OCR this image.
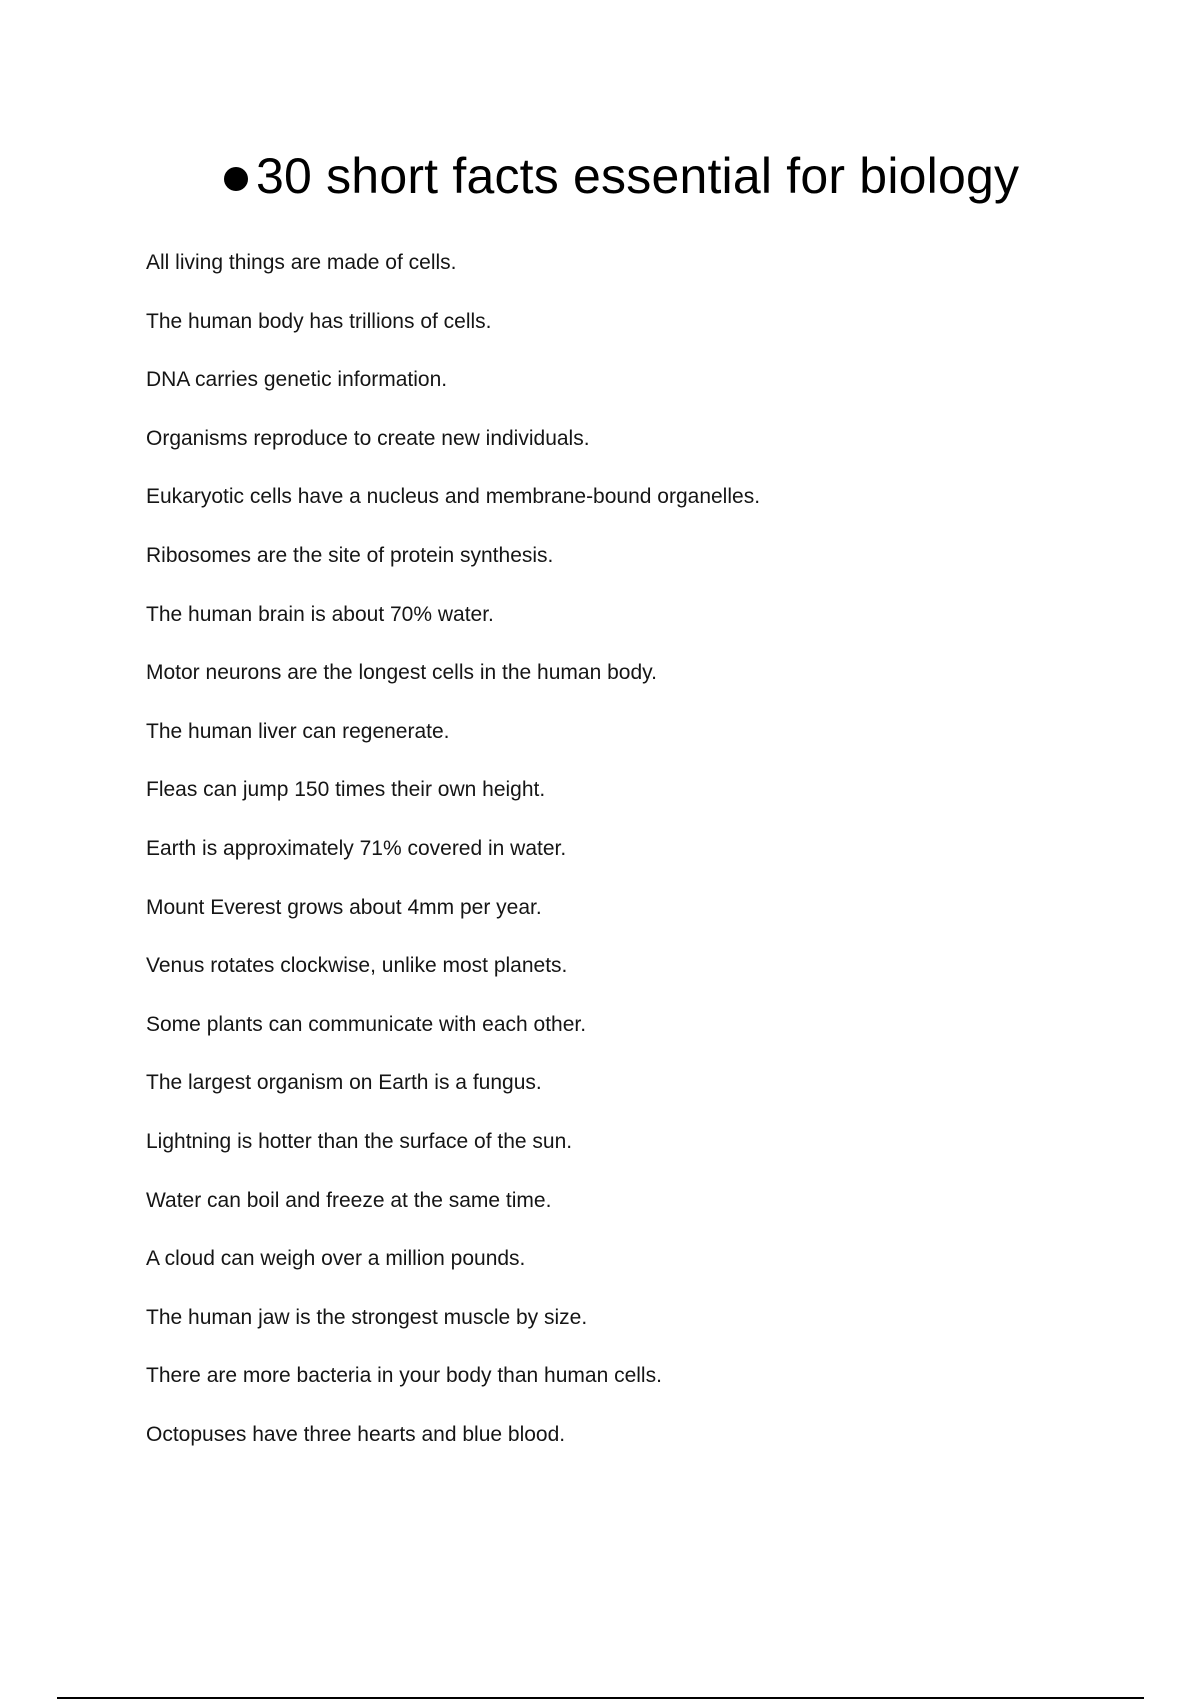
30 short facts essential for biology
All living things are made of cells.
The human body has trillions of cells.
DNA carries genetic information.
Organisms reproduce to create new individuals.
Eukaryotic cells have a nucleus and membrane-bound organelles.
Ribosomes are the site of protein synthesis.
The human brain is about 70% water.
Motor neurons are the longest cells in the human body.
The human liver can regenerate.
Fleas can jump 150 times their own height.
Earth is approximately 71% covered in water.
Mount Everest grows about 4mm per year.
Venus rotates clockwise, unlike most planets.
Some plants can communicate with each other.
The largest organism on Earth is a fungus.
Lightning is hotter than the surface of the sun.
Water can boil and freeze at the same time.
A cloud can weigh over a million pounds.
The human jaw is the strongest muscle by size.
There are more bacteria in your body than human cells.
Octopuses have three hearts and blue blood.
